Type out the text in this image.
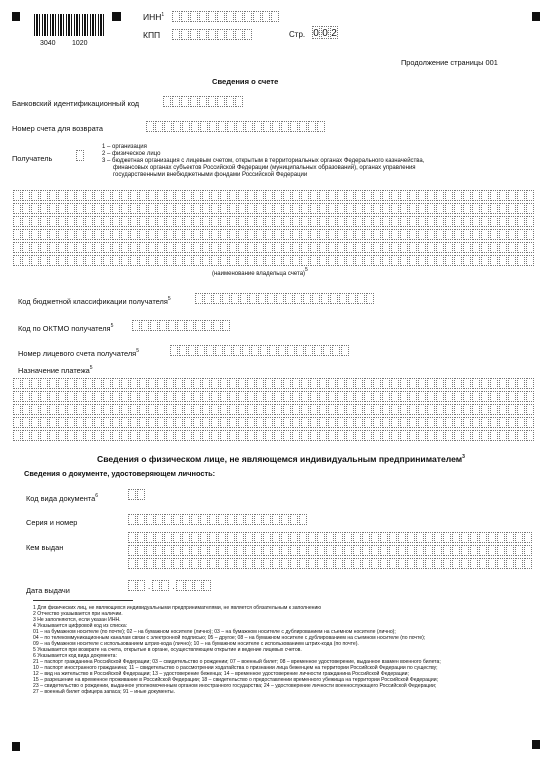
3040 1020
ИНН$^1$
КПП	Стр. 0 0 2
Продолжение страницы 001
Сведения о счете
Банковский идентификационный код
Номер счета для возврата
Получатель
1 – организация
2 – физическое лицо
3 – бюджетная организация с лицевым счетом, открытым в территориальных органах Федерального казначейства,
финансовых органах субъектов Российской Федерации (муниципальных образований), органах управления
государственными внебюджетными фондами Российской Федерации
(наименование владельца счета)$^5$
Код бюджетной классификации получателя$^5$
Код по ОКТМО получателя$^5$
Номер лицевого счета получателя$^5$
Назначение платежа$^5$
Сведения о физическом лице, не являющемся индивидуальным предпринимателем$^3$
Сведения о документе, удостоверяющем личность:
Код вида документа$^6$
Серия и номер
Кем выдан
Дата выдачи	.	.
1 Для физических лиц, не являющихся индивидуальными предпринимателями, не является обязательным к заполнению
2 Отчество указывается при наличии.
3 Не заполняются, если указан ИНН.
4 Указывается цифровой код из списка:
01 – на бумажном носителе (по почте); 02 – на бумажном носителе (лично); 03 – на бумажном носителе с дублированием на съемном носителе (лично);
04 – по телекоммуникационным каналам связи с электронной подписью; 05 – другое; 08 – на бумажном носителе с дублированием на съемном носителе (по почте);
09 – на бумажном носителе с использованием штрих-кода (лично); 10 – на бумажном носителе с использованием штрих-кода (по почте).
5 Указывается при возврате на счета, открытые в органе, осуществляющем открытие и ведение лицевых счетов.
6 Указывается код вида документа:
21 – паспорт гражданина Российской Федерации; 03 – свидетельство о рождении; 07 – военный билет; 08 – временное удостоверение, выданное взамен военного билета;
10 – паспорт иностранного гражданина; 11 – свидетельство о рассмотрении ходатайства о признании лица беженцем на территории Российской Федерации по существу;
12 – вид на жительство в Российской Федерации; 13 – удостоверение беженца; 14 – временное удостоверение личности гражданина Российской Федерации;
15 – разрешение на временное проживание в Российской Федерации; 18 – свидетельство о предоставлении временного убежища на территории Российской Федерации;
23 – свидетельство о рождении, выданное уполномоченным органом иностранного государства; 24 – удостоверение личности военнослужащего Российской Федерации;
27 – военный билет офицера запаса; 91 – иные документы.
